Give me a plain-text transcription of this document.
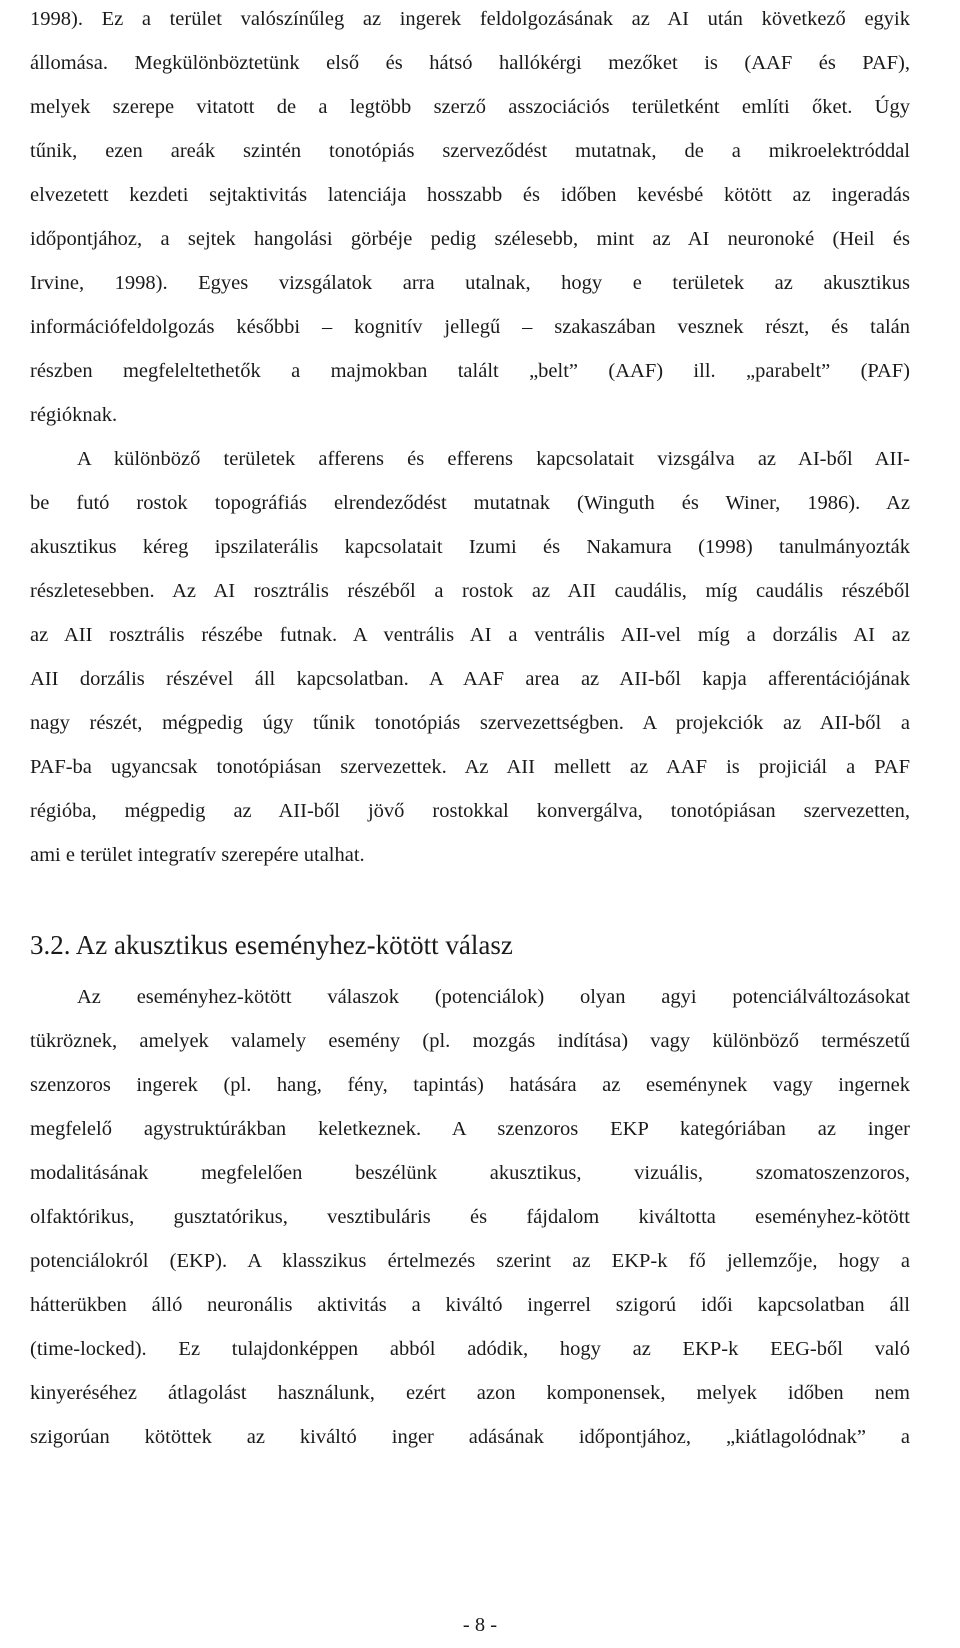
1998). Ez a terület valószínűleg az ingerek feldolgozásának az AI után következő egyik
állomása. Megkülönböztetünk első és hátsó hallókérgi mezőket is (AAF és PAF),
melyek szerepe vitatott de a legtöbb szerző asszociációs területként említi őket. Úgy
tűnik, ezen areák szintén tonotópiás szerveződést mutatnak, de a mikroelektróddal
elvezetett kezdeti sejtaktivitás latenciája hosszabb és időben kevésbé kötött az ingeradás
időpontjához, a sejtek hangolási görbéje pedig szélesebb, mint az AI neuronoké (Heil és
Irvine, 1998). Egyes vizsgálatok arra utalnak, hogy e területek az akusztikus
információfeldolgozás későbbi – kognitív jellegű – szakaszában vesznek részt, és talán
részben megfeleltethetők a majmokban talált „belt” (AAF) ill. „parabelt” (PAF)
régióknak.
A különböző területek afferens és efferens kapcsolatait vizsgálva az AI-ből AII-
be futó rostok topográfiás elrendeződést mutatnak (Winguth és Winer, 1986). Az
akusztikus kéreg ipszilaterális kapcsolatait Izumi és Nakamura (1998) tanulmányozták
részletesebben. Az AI rosztrális részéből a rostok az AII caudális, míg caudális részéből
az AII rosztrális részébe futnak. A ventrális AI a ventrális AII-vel míg a dorzális AI az
AII dorzális részével áll kapcsolatban. A AAF area az AII-ből kapja afferentációjának
nagy részét, mégpedig úgy tűnik tonotópiás szervezettségben. A projekciók az AII-ből a
PAF-ba ugyancsak tonotópiásan szervezettek. Az AII mellett az AAF is projiciál a PAF
régióba, mégpedig az AII-ből jövő rostokkal konvergálva, tonotópiásan szervezetten,
ami e terület integratív szerepére utalhat.
3.2. Az akusztikus eseményhez-kötött válasz
Az eseményhez-kötött válaszok (potenciálok) olyan agyi potenciálváltozásokat
tükröznek, amelyek valamely esemény (pl. mozgás indítása) vagy különböző természetű
szenzoros ingerek (pl. hang, fény, tapintás) hatására az eseménynek vagy ingernek
megfelelő agystruktúrákban keletkeznek. A szenzoros EKP kategóriában az inger
modalitásának megfelelően beszélünk akusztikus, vizuális, szomatoszenzoros,
olfaktórikus, gusztatórikus, vesztibuláris és fájdalom kiváltotta eseményhez-kötött
potenciálokról (EKP). A klasszikus értelmezés szerint az EKP-k fő jellemzője, hogy a
hátterükben álló neuronális aktivitás a kiváltó ingerrel szigorú idői kapcsolatban áll
(time-locked). Ez tulajdonképpen abból adódik, hogy az EKP-k EEG-ből való
kinyeréséhez átlagolást használunk, ezért azon komponensek, melyek időben nem
szigorúan kötöttek az kiváltó inger adásának időpontjához, „kiátlagolódnak” a
- 8 -
